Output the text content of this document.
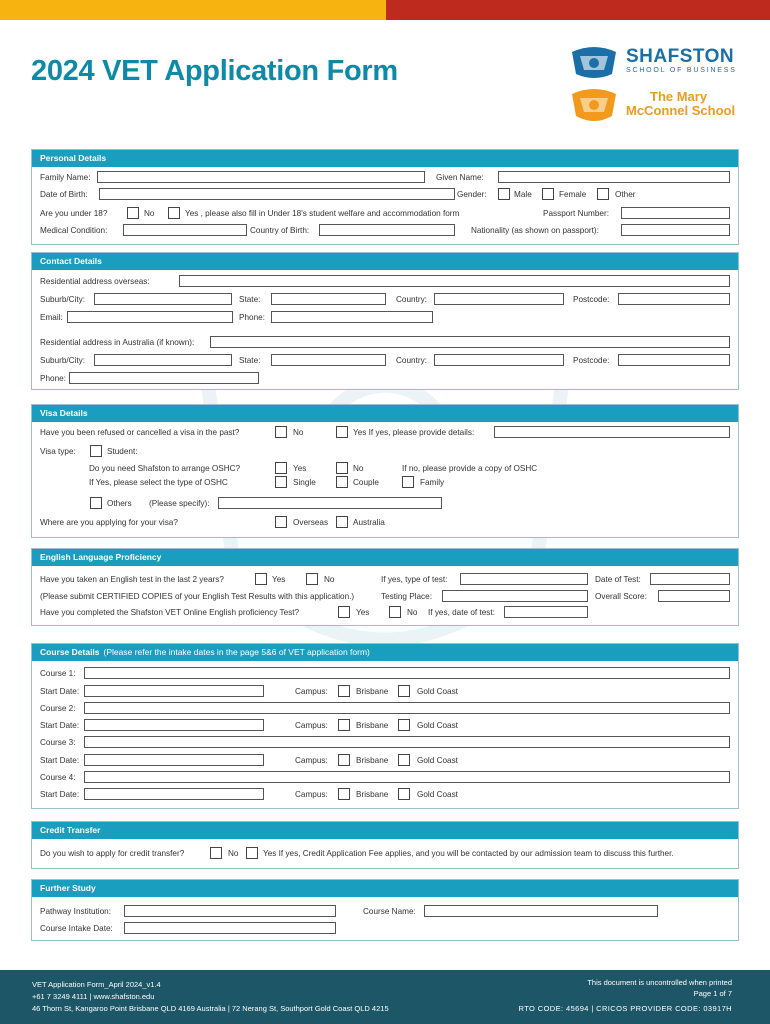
2024 VET Application Form	SHAFSTON
SCHOOL OF BUSINESS
The Mary
McConnel School
Personal Details
Family Name:	Given Name:
Date of Birth:	Gender:	Male	Female	Other
Are you under 18?	No	Yes , please also fill in Under 18's student welfare and accommodation form	Passport Number:
Medical Condition:	Country of Birth:	Nationality (as shown on passport):
Contact Details
Residential address overseas:
Suburb/City:	State:	Country:	Postcode:
Email:	Phone:
Residential address in Australia (if known):
Suburb/City:	State:	Country:	Postcode:
Phone:
Visa Details
Have you been refused or cancelled a visa in the past?	No	Yes If yes, please provide details:
Visa type:	Student:
Do you need Shafston to arrange OSHC?	Yes	No	If no, please provide a copy of OSHC
If Yes, please select the type of OSHC	Single	Couple	Family
Others (Please specify):
Where are you applying for your visa?	Overseas	Australia
English Language Proficiency
Have you taken an English test in the last 2 years?	Yes	No	If yes, type of test:	Date of Test:
(Please submit CERTIFIED COPIES of your English Test Results with this application.)	Testing Place:	Overall Score:
Have you completed the Shafston VET Online English proficiency Test?	Yes	No If yes, date of test:
Course Details (Please refer the intake dates in the page 5&6 of VET application form)
Course 1:
Start Date:	Campus:	Brisbane	Gold Coast
Course 2:
Start Date:	Campus:	Brisbane	Gold Coast
Course 3:
Start Date:	Campus:	Brisbane	Gold Coast
Course 4:
Start Date:	Campus:	Brisbane	Gold Coast
Credit Transfer
Do you wish to apply for credit transfer?	No	Yes If yes, Credit Application Fee applies, and you will be contacted by our admission team to discuss this further.
Further Study
Pathway Institution:	Course Name:
Course Intake Date:
VET Application Form_April 2024_v1.4
+61 7 3249 4111 | www.shafston.edu
46 Thorn St, Kangaroo Point Brisbane QLD 4169 Australia | 72 Nerang St, Southport Gold Coast QLD 4215
This document is uncontrolled when printed
Page 1 of 7
RTO CODE: 45694 | CRICOS PROVIDER CODE: 03917H
